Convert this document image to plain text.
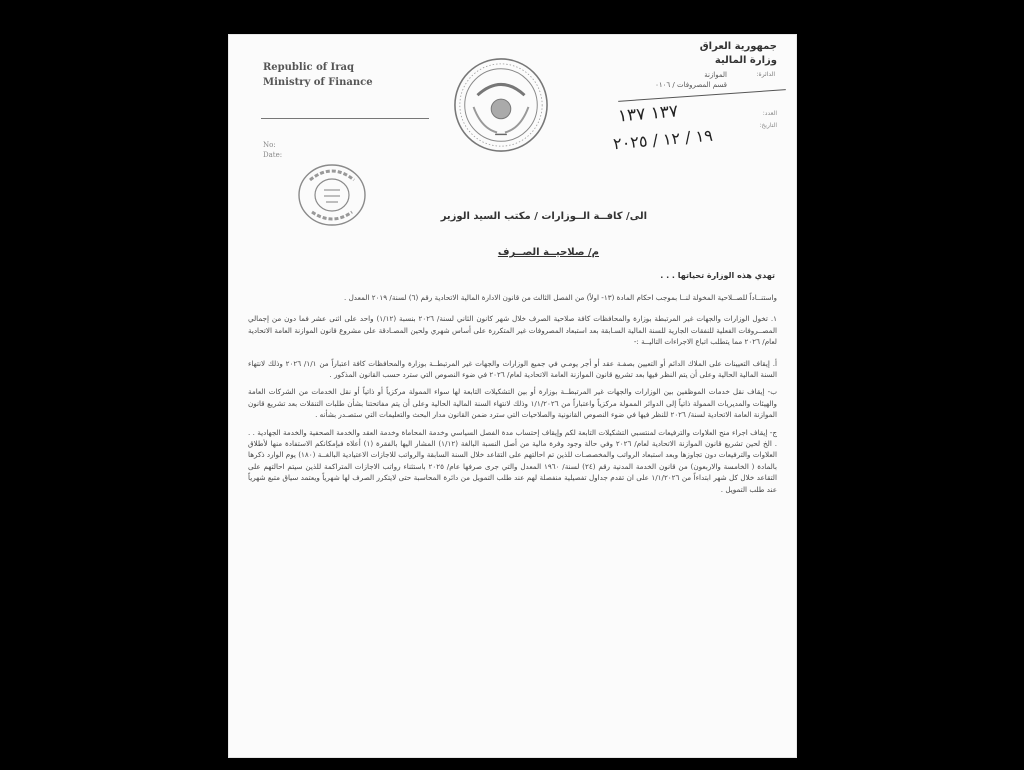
Republic of Iraq
Ministry of Finance
No:
Date:
جمهورية العراق
وزارة المالية
الدائرة:
الموازنة
قسم المصروفات / ٠١٠٦
العدد:
التاريخ:
١٣٧ ١٣٧
١٩ / ١٢ / ٢٠٢٥
الى/ كافــة الــوزارات / مكتب السيد الوزير
م/ صلاحيــة الصــرف
تهدي هذه الوزارة تحياتها . . .

واستنــاداً للصــلاحية المخولة لنــا بموجب احكام المادة (١٣- اولاً) من الفصل الثالث من قانون الادارة المالية الاتحادية رقم (٦) لسنة/ ٢٠١٩ المعدل .

١. تخول الوزارات والجهات غير المرتبطة بوزارة والمحافظات كافة صلاحية الصرف خلال شهر كانون الثاني لسنة/ ٢٠٢٦ بنسبة (١/١٢) واحد على اثنى عشر فما دون من إجمالي المصــروفات الفعلية للنفقات الجارية للسنة المالية السـابقة بعد استبعاد المصروفات غير المتكررة على أساس شهري ولحين المصـادقة على مشروع قانون الموازنة العامة الاتحادية لعام/ ٢٠٢٦ مما يتطلب اتباع الاجراءات التاليــة :-

أ. إيقاف التعيينات على الملاك الدائم أو التعيين بصفـة عقد أو أجر يومـي في جميع الوزارات والجهات غير المرتبطــة بوزارة والمحافظات كافة اعتباراً من ١/١/ ٢٠٢٦ وذلك لانتهاء السنة المالية الحالية وعلى أن يتم النظر فيها بعد تشريع قانون الموازنة العامة الاتحادية لعام/ ٢٠٢٦ في ضوء النصوص التي سترد حسب القانون المذكور .

ب- إيقاف نقل خدمات الموظفين بين الوزارات والجهات غير المرتبطــة بوزارة أو بين التشكيلات التابعة لها سواء الممولة مركزياً أو ذاتياً أو نقل الخدمات من الشركات العامة والهيئات والمديريات الممولة ذاتياً إلى الدوائر الممولة مركزياً واعتباراً من ١/١/٢٠٢٦ وذلك لانتهاء السنة المالية الحالية وعلى أن يتم مفاتحتنا بشأن طلبات التنقلات بعد تشريع قانون الموازنة العامة الاتحادية لسنة/ ٢٠٢٦ للنظر فيها في ضوء النصوص القانونية والصلاحيات التي سترد ضمن القانون مدار البحث والتعليمات التي ستصـدر بشأنه .

ج- إيقاف اجراء منح العلاوات والترفيعات لمنتسبي التشكيلات التابعة لكم وإيقاف إحتساب مدة الفصل السياسي وخدمة المحاماة وخدمة العقد والخدمة الصحفية والخدمة الجهادية . . . الخ لحين تشريع قانون الموازنة الاتحادية لعام/ ٢٠٢٦ وفي حالة وجود وفرة مالية من أصل النسبة البالغة (١/١٢) المشار اليها بالفقرة (١) أعلاه فبإمكانكم الاستفادة منها لأطلاق العلاوات والترفيعات دون تجاوزها وبعد استبعاد الرواتب والمخصصـات للذين تم احالتهم على التقاعد خلال السنة السابقة والرواتب للاجازات الاعتيادية البالغــة (١٨٠) يوم الوارد ذكرها بالمادة ( الخامسة والاربعون) من قانون الخدمة المدنية رقم (٢٤) لسنة/ ١٩٦٠ المعدل والتي جرى صرفها عام/ ٢٠٢٥ باستثناء رواتب الاجازات المتراكمة للذين سيتم احالتهم على التقاعد خلال كل شهر ابتداءاً من ١/١/٢٠٢٦ على ان تقدم جداول تفصيلية منفصلة لهم عند طلب التمويل من دائرة المحاسبة حتى لايتكرر الصرف لها شهرياً ويعتمد سياق متبع شهرياً عند طلب التمويل .
